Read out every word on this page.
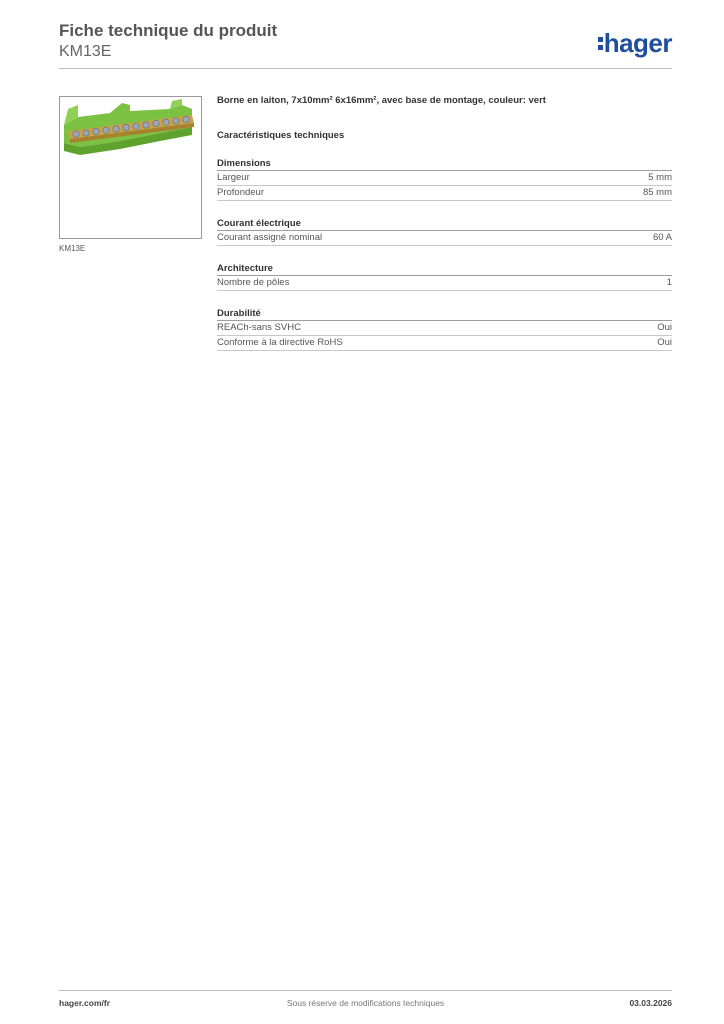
Fiche technique du produit
KM13E	hager
KM13E
Borne en laiton, 7x10mm² 6x16mm², avec base de montage, couleur: vert
Caractéristiques techniques
Dimensions
Largeur	5 mm
Profondeur	85 mm
Courant électrique
Courant assigné nominal	60 A
Architecture
Nombre de pôles	1
Durabilité
REACh-sans SVHC	Oui
Conforme à la directive RoHS	Oui
hager.com/fr	Sous réserve de modifications techniques	03.03.2026
